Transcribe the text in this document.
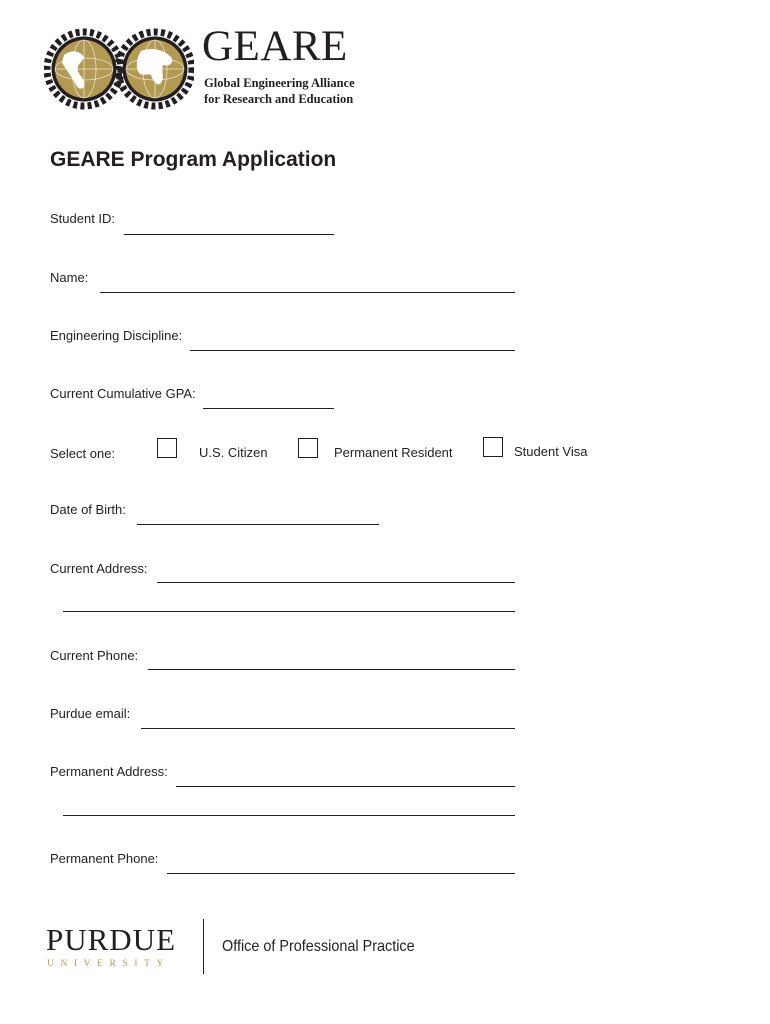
GEARE
Global Engineering Alliance
for Research and Education
GEARE Program Application
Student ID:
Name:
Engineering Discipline:
Current Cumulative GPA:
Select one:	U.S. Citizen	Permanent Resident	Student Visa
Date of Birth:
Current Address:
Current Phone:
Purdue email:
Permanent Address:
Permanent Phone:
PURDUE
UNIVERSITY
Office of Professional Practice
